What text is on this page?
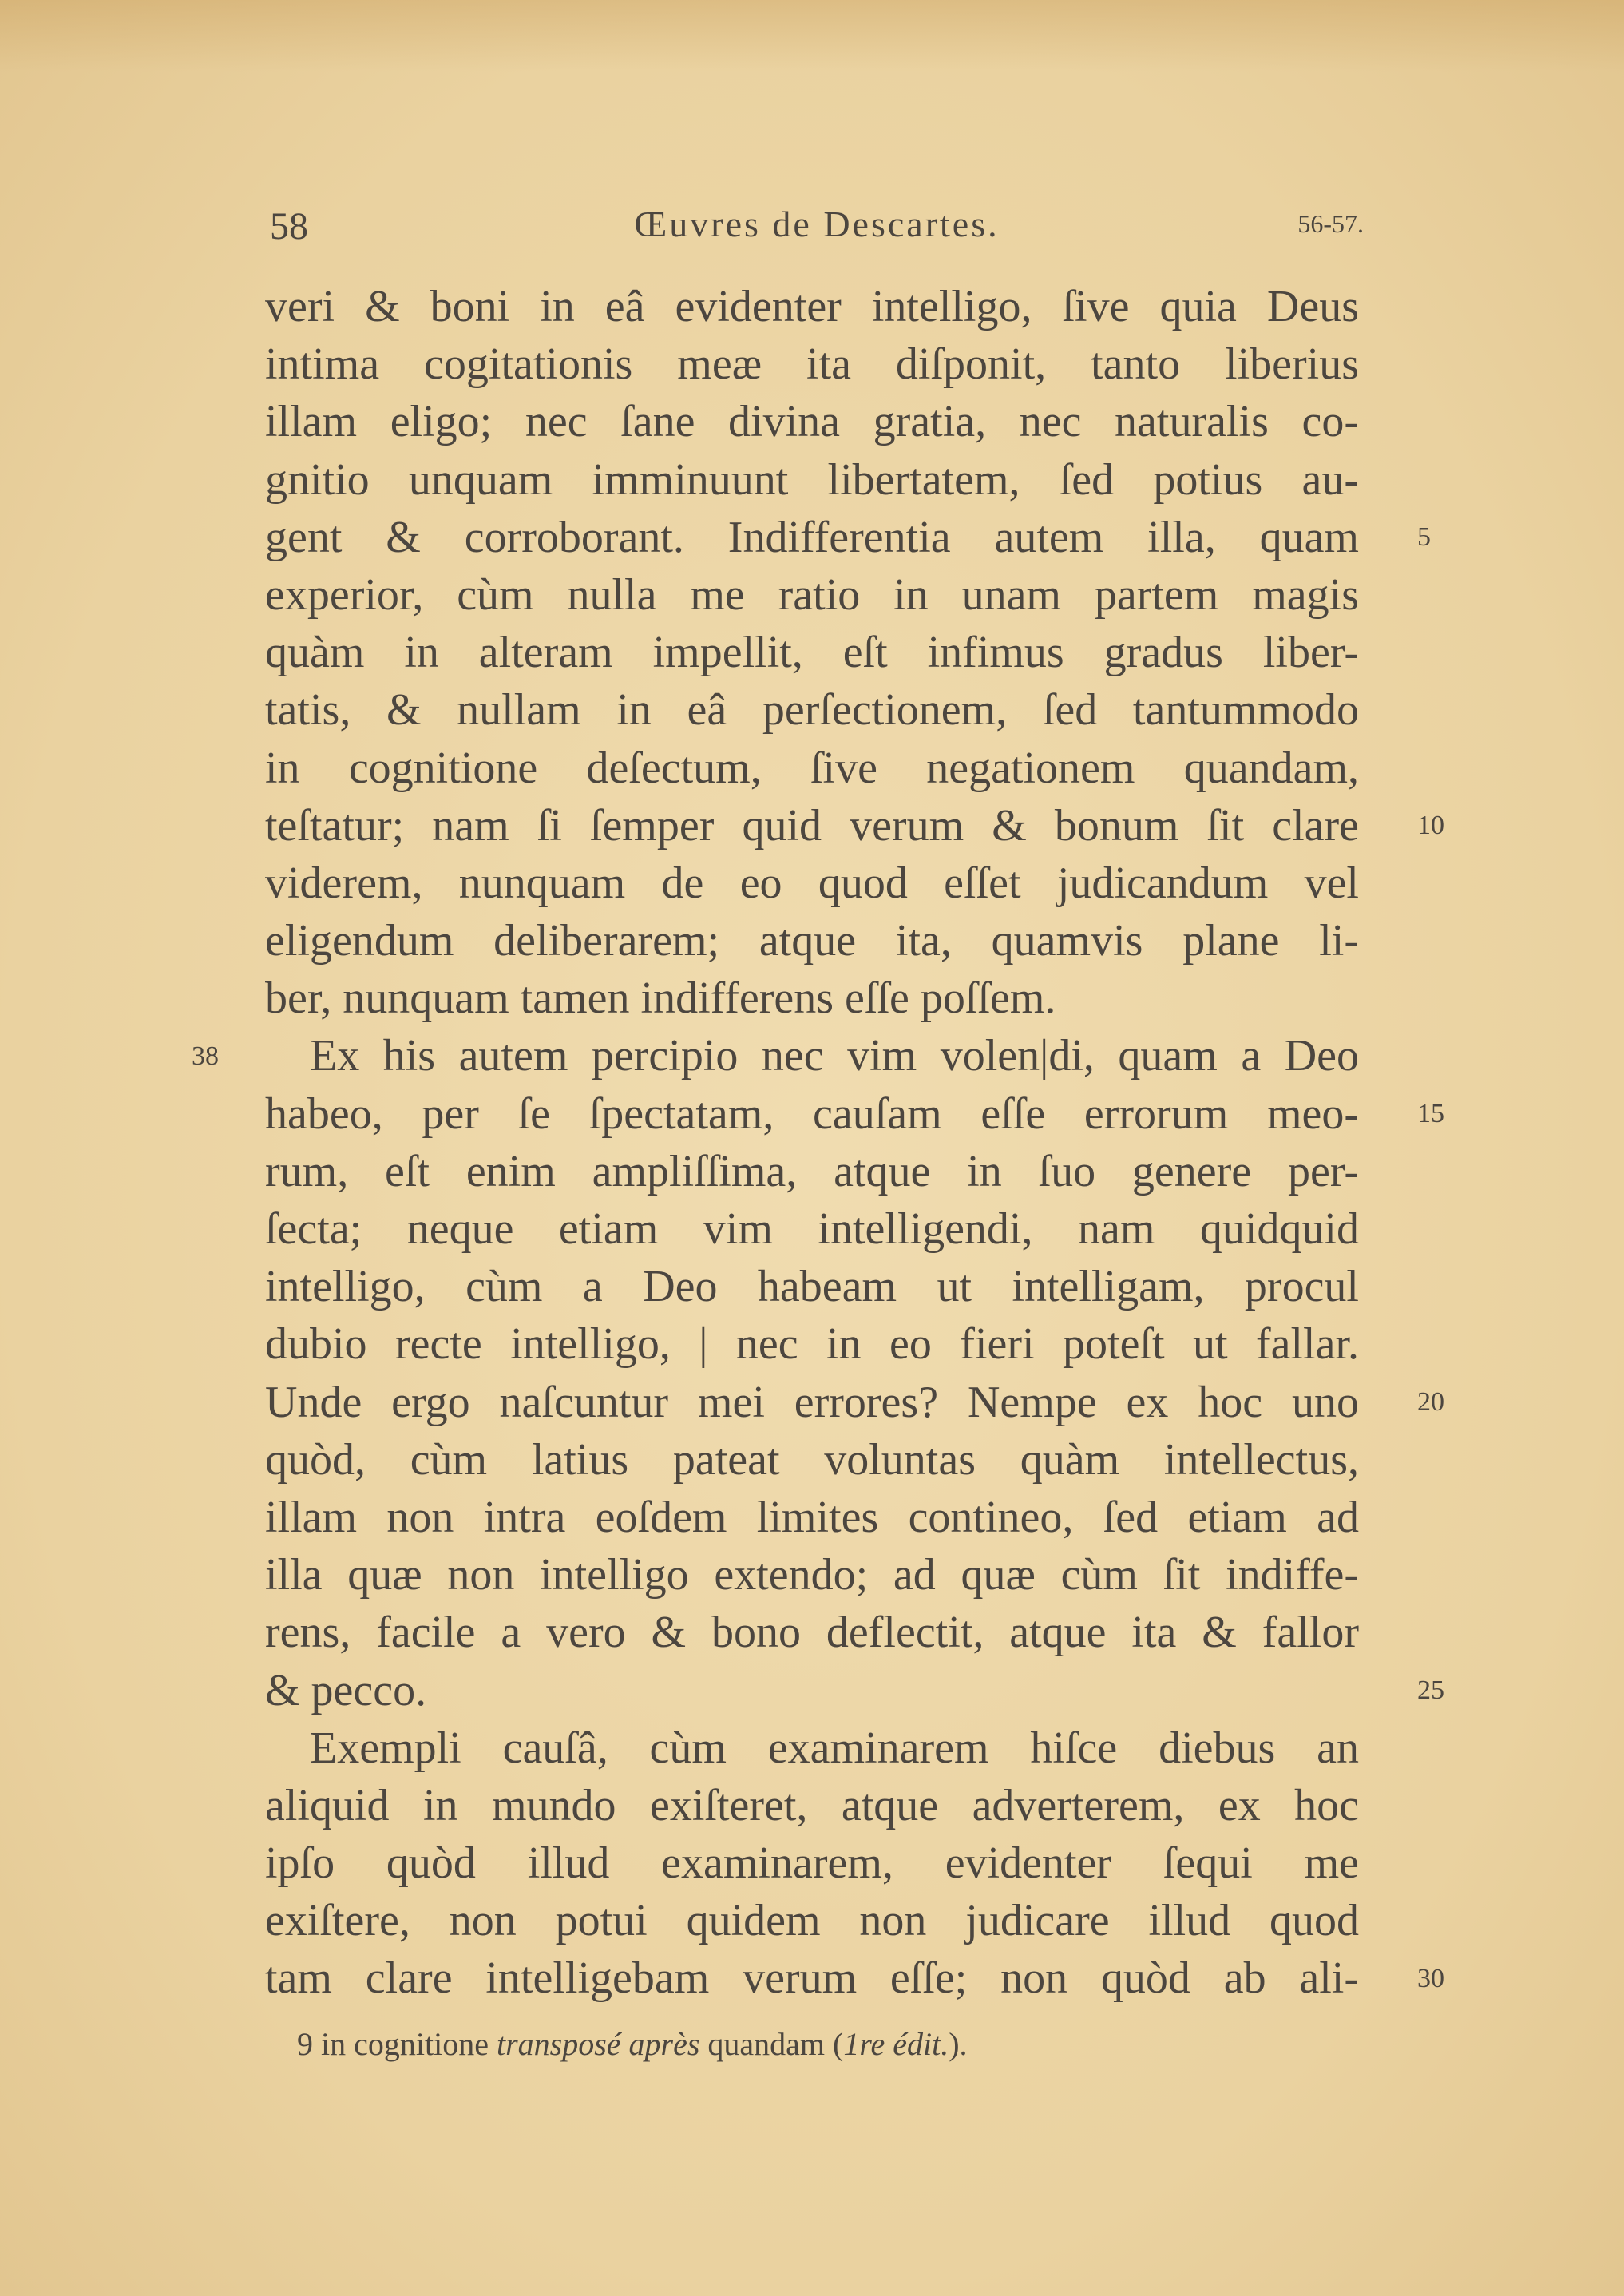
58	Œuvres de Descartes.	56-57.
veri & boni in eâ evidenter intelligo, ſive quia Deus
intima cogitationis meæ ita diſponit, tanto liberius
illam eligo; nec ſane divina gratia, nec naturalis co-
gnitio unquam imminuunt libertatem, ſed potius au-
gent & corroborant. Indifferentia autem illa, quam
experior, cùm nulla me ratio in unam partem magis
quàm in alteram impellit, eſt infimus gradus liber-
tatis, & nullam in eâ perſectionem, ſed tantummodo
in cognitione deſectum, ſive negationem quandam,
teſtatur; nam ſi ſemper quid verum & bonum ſit clare
viderem, nunquam de eo quod eſſet judicandum vel
eligendum deliberarem; atque ita, quamvis plane li-
ber, nunquam tamen indifferens eſſe poſſem.
Ex his autem percipio nec vim volen|di, quam a Deo
habeo, per ſe ſpectatam, cauſam eſſe errorum meo-
rum, eſt enim ampliſſima, atque in ſuo genere per-
ſecta; neque etiam vim intelligendi, nam quidquid
intelligo, cùm a Deo habeam ut intelligam, procul
dubio recte intelligo, | nec in eo fieri poteſt ut fallar.
Unde ergo naſcuntur mei errores? Nempe ex hoc uno
quòd, cùm latius pateat voluntas quàm intellectus,
illam non intra eoſdem limites contineo, ſed etiam ad
illa quæ non intelligo extendo; ad quæ cùm ſit indiffe-
rens, facile a vero & bono deflectit, atque ita & fallor
& pecco.
Exempli cauſâ, cùm examinarem hiſce diebus an
aliquid in mundo exiſteret, atque adverterem, ex hoc
ipſo quòd illud examinarem, evidenter ſequi me
exiſtere, non potui quidem non judicare illud quod
tam clare intelligebam verum eſſe; non quòd ab ali-
5
10
15
20
25
30
38
9 in cognitione transposé après quandam (1re édit.).
